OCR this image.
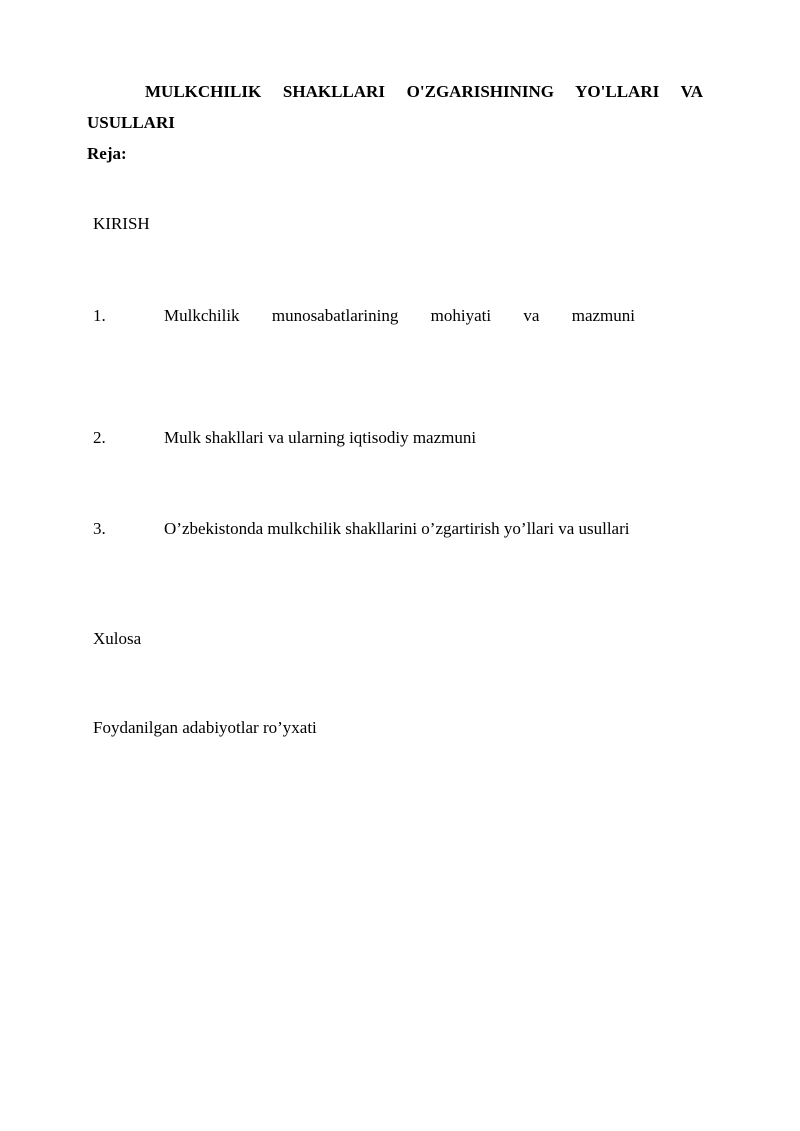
MULKCHILIK SHAKLLARI O'ZGARISHINING YO'LLARI VA USULLARI

Reja:

KIRISH
1.	Mulkchilik munosabatlarining mohiyati va mazmuni
2.	Mulk shakllari va ularning iqtisodiy mazmuni
3.	O’zbekistonda mulkchilik shakllarini o’zgartirish yo’llari va usullari
Xulosa
Foydanilgan adabiyotlar ro’yxati
